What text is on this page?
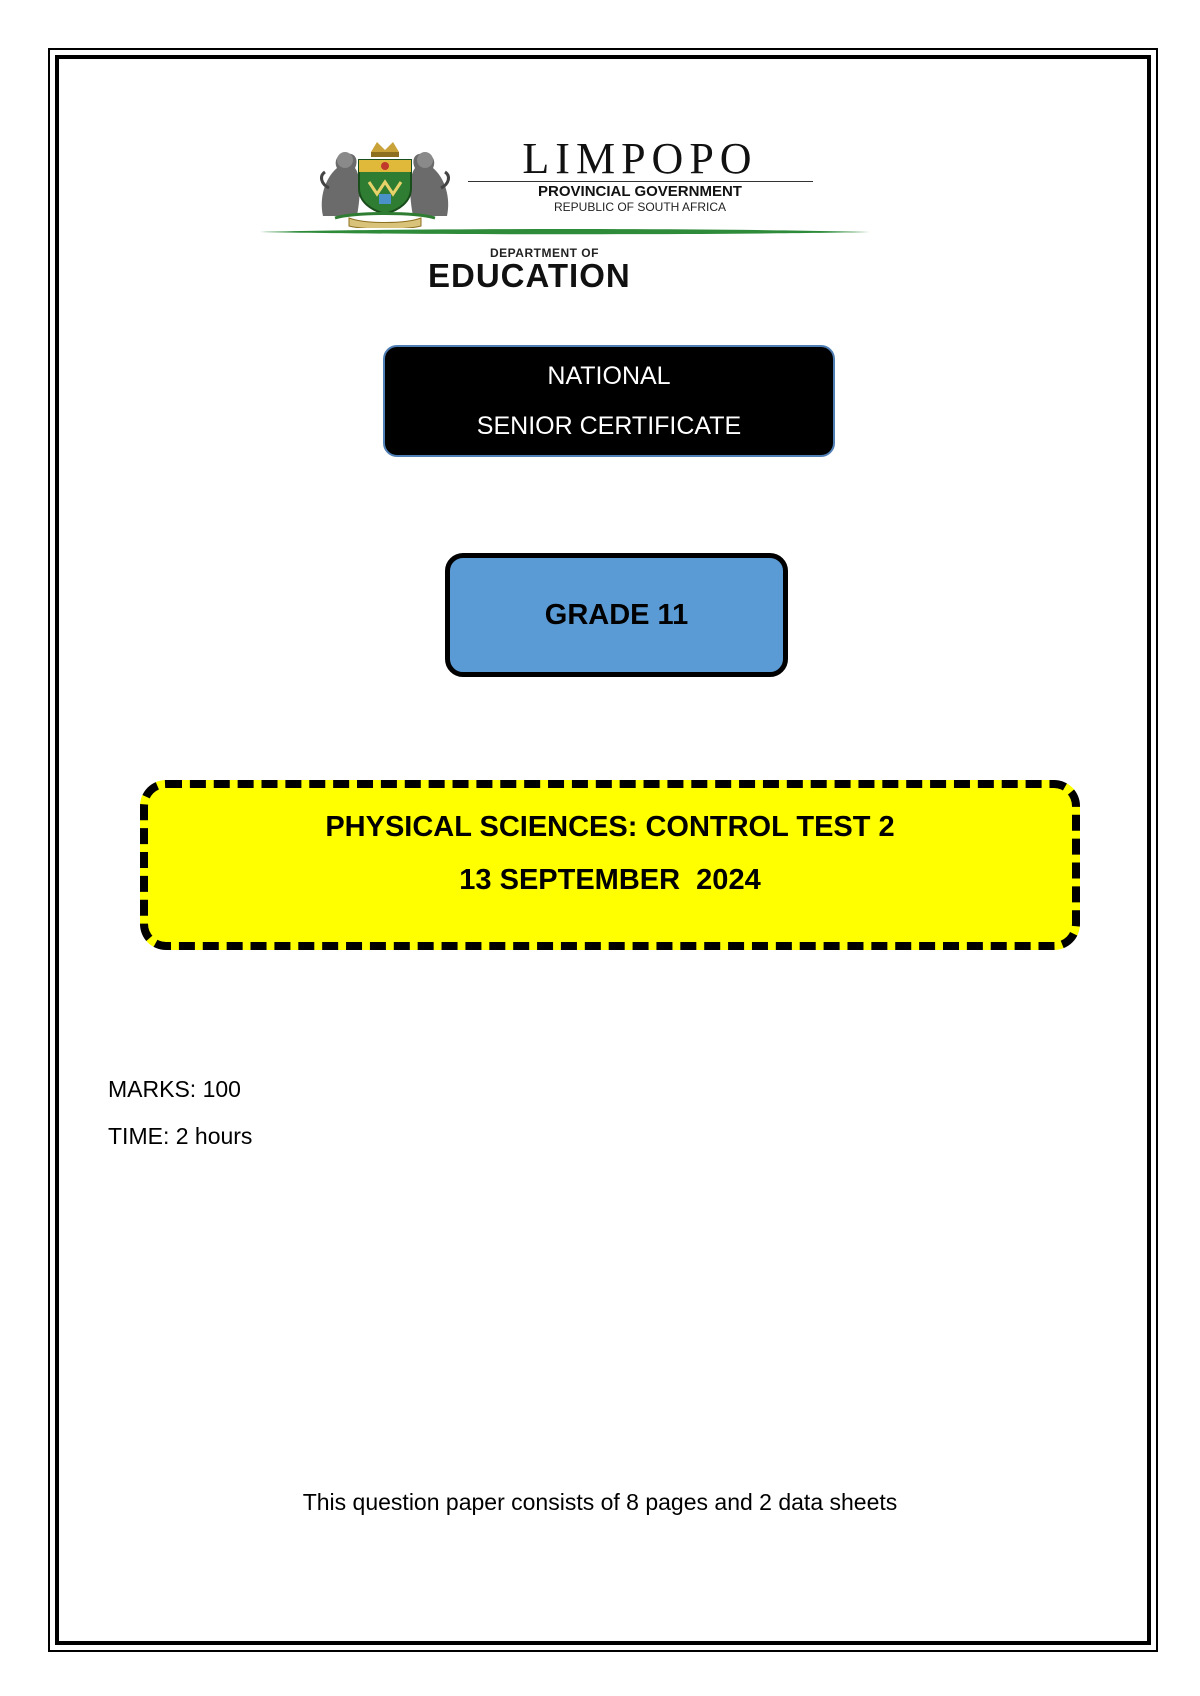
LIMPOPO
PROVINCIAL GOVERNMENT
REPUBLIC OF SOUTH AFRICA
DEPARTMENT OF
EDUCATION
NATIONAL
SENIOR CERTIFICATE
GRADE 11
PHYSICAL SCIENCES: CONTROL TEST 2
13 SEPTEMBER  2024
MARKS: 100
TIME: 2 hours
This question paper consists of 8 pages and 2 data sheets
